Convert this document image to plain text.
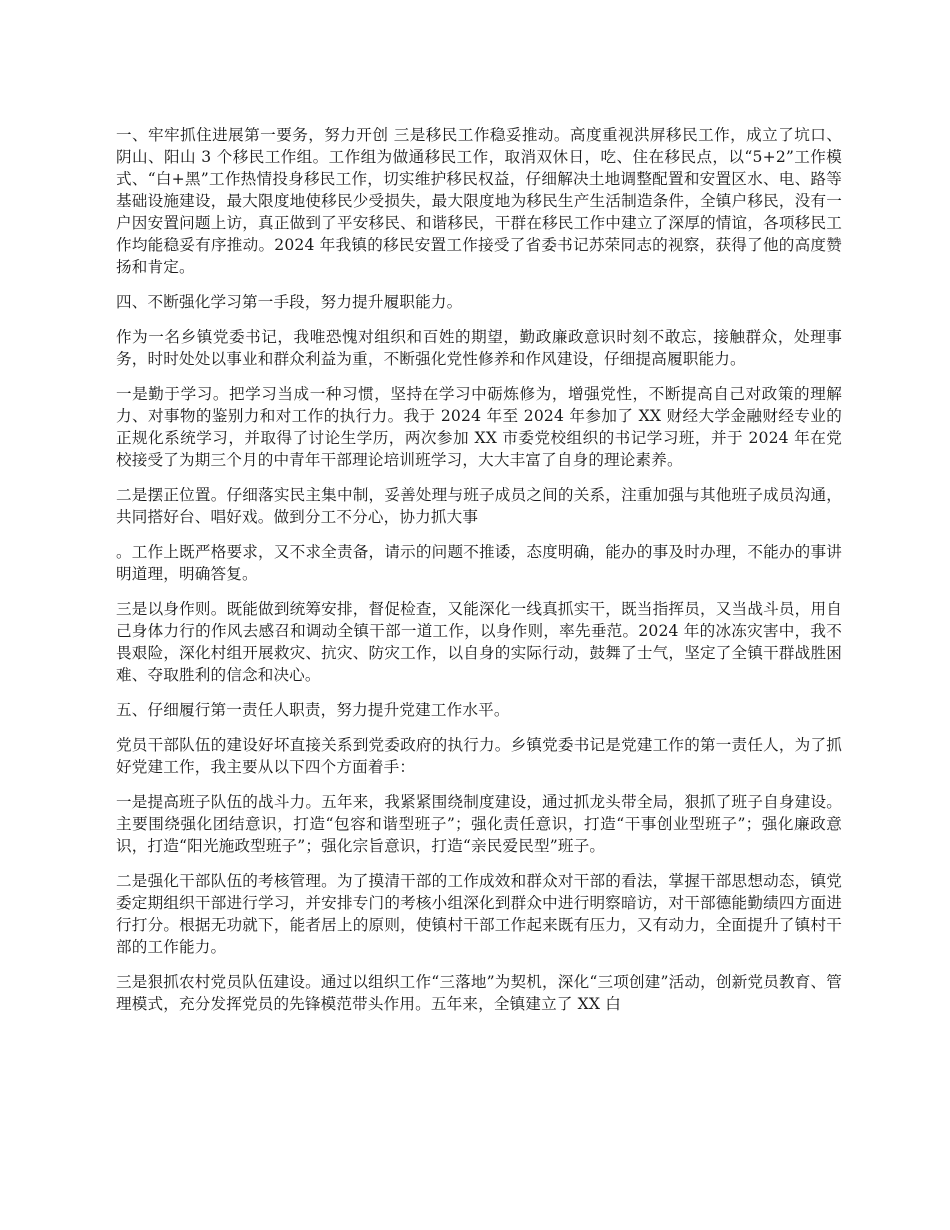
一、牢牢抓住进展第一要务，努力开创 三是移民工作稳妥推动。高度重视洪屏移民工作，成立了坑口、阴山、阳山 3 个移民工作组。工作组为做通移民工作，取消双休日，吃、住在移民点，以“5+2”工作模式、“白+黑”工作热情投身移民工作，切实维护移民权益，仔细解决土地调整配置和安置区水、电、路等基础设施建设，最大限度地使移民少受损失，最大限度地为移民生产生活制造条件，全镇户移民，没有一户因安置问题上访，真正做到了平安移民、和谐移民，干群在移民工作中建立了深厚的情谊，各项移民工作均能稳妥有序推动。2024 年我镇的移民安置工作接受了省委书记苏荣同志的视察，获得了他的高度赞扬和肯定。

四、不断强化学习第一手段，努力提升履职能力。

作为一名乡镇党委书记，我唯恐愧对组织和百姓的期望，勤政廉政意识时刻不敢忘，接触群众，处理事务，时时处处以事业和群众利益为重，不断强化党性修养和作风建设，仔细提高履职能力。

一是勤于学习。把学习当成一种习惯，坚持在学习中砺炼修为，增强党性，不断提高自己对政策的理解力、对事物的鉴别力和对工作的执行力。我于 2024 年至 2024 年参加了 XX 财经大学金融财经专业的正规化系统学习，并取得了讨论生学历，两次参加 XX 市委党校组织的书记学习班，并于 2024 年在党校接受了为期三个月的中青年干部理论培训班学习，大大丰富了自身的理论素养。

二是摆正位置。仔细落实民主集中制，妥善处理与班子成员之间的关系，注重加强与其他班子成员沟通，共同搭好台、唱好戏。做到分工不分心，协力抓大事

。工作上既严格要求，又不求全责备，请示的问题不推诿，态度明确，能办的事及时办理，不能办的事讲明道理，明确答复。

三是以身作则。既能做到统筹安排，督促检查，又能深化一线真抓实干，既当指挥员，又当战斗员，用自己身体力行的作风去感召和调动全镇干部一道工作，以身作则，率先垂范。2024 年的冰冻灾害中，我不畏艰险，深化村组开展救灾、抗灾、防灾工作，以自身的实际行动，鼓舞了士气，坚定了全镇干群战胜困难、夺取胜利的信念和决心。

五、仔细履行第一责任人职责，努力提升党建工作水平。

党员干部队伍的建设好坏直接关系到党委政府的执行力。乡镇党委书记是党建工作的第一责任人，为了抓好党建工作，我主要从以下四个方面着手：

一是提高班子队伍的战斗力。五年来，我紧紧围绕制度建设，通过抓龙头带全局，狠抓了班子自身建设。主要围绕强化团结意识，打造“包容和谐型班子”；强化责任意识，打造“干事创业型班子”；强化廉政意识，打造“阳光施政型班子”；强化宗旨意识，打造“亲民爱民型”班子。

二是强化干部队伍的考核管理。为了摸清干部的工作成效和群众对干部的看法，掌握干部思想动态，镇党委定期组织干部进行学习，并安排专门的考核小组深化到群众中进行明察暗访，对干部德能勤绩四方面进行打分。根据无功就下，能者居上的原则，使镇村干部工作起来既有压力，又有动力，全面提升了镇村干部的工作能力。

三是狠抓农村党员队伍建设。通过以组织工作“三落地”为契机，深化“三项创建”活动，创新党员教育、管理模式，充分发挥党员的先锋模范带头作用。五年来，全镇建立了 XX 白
